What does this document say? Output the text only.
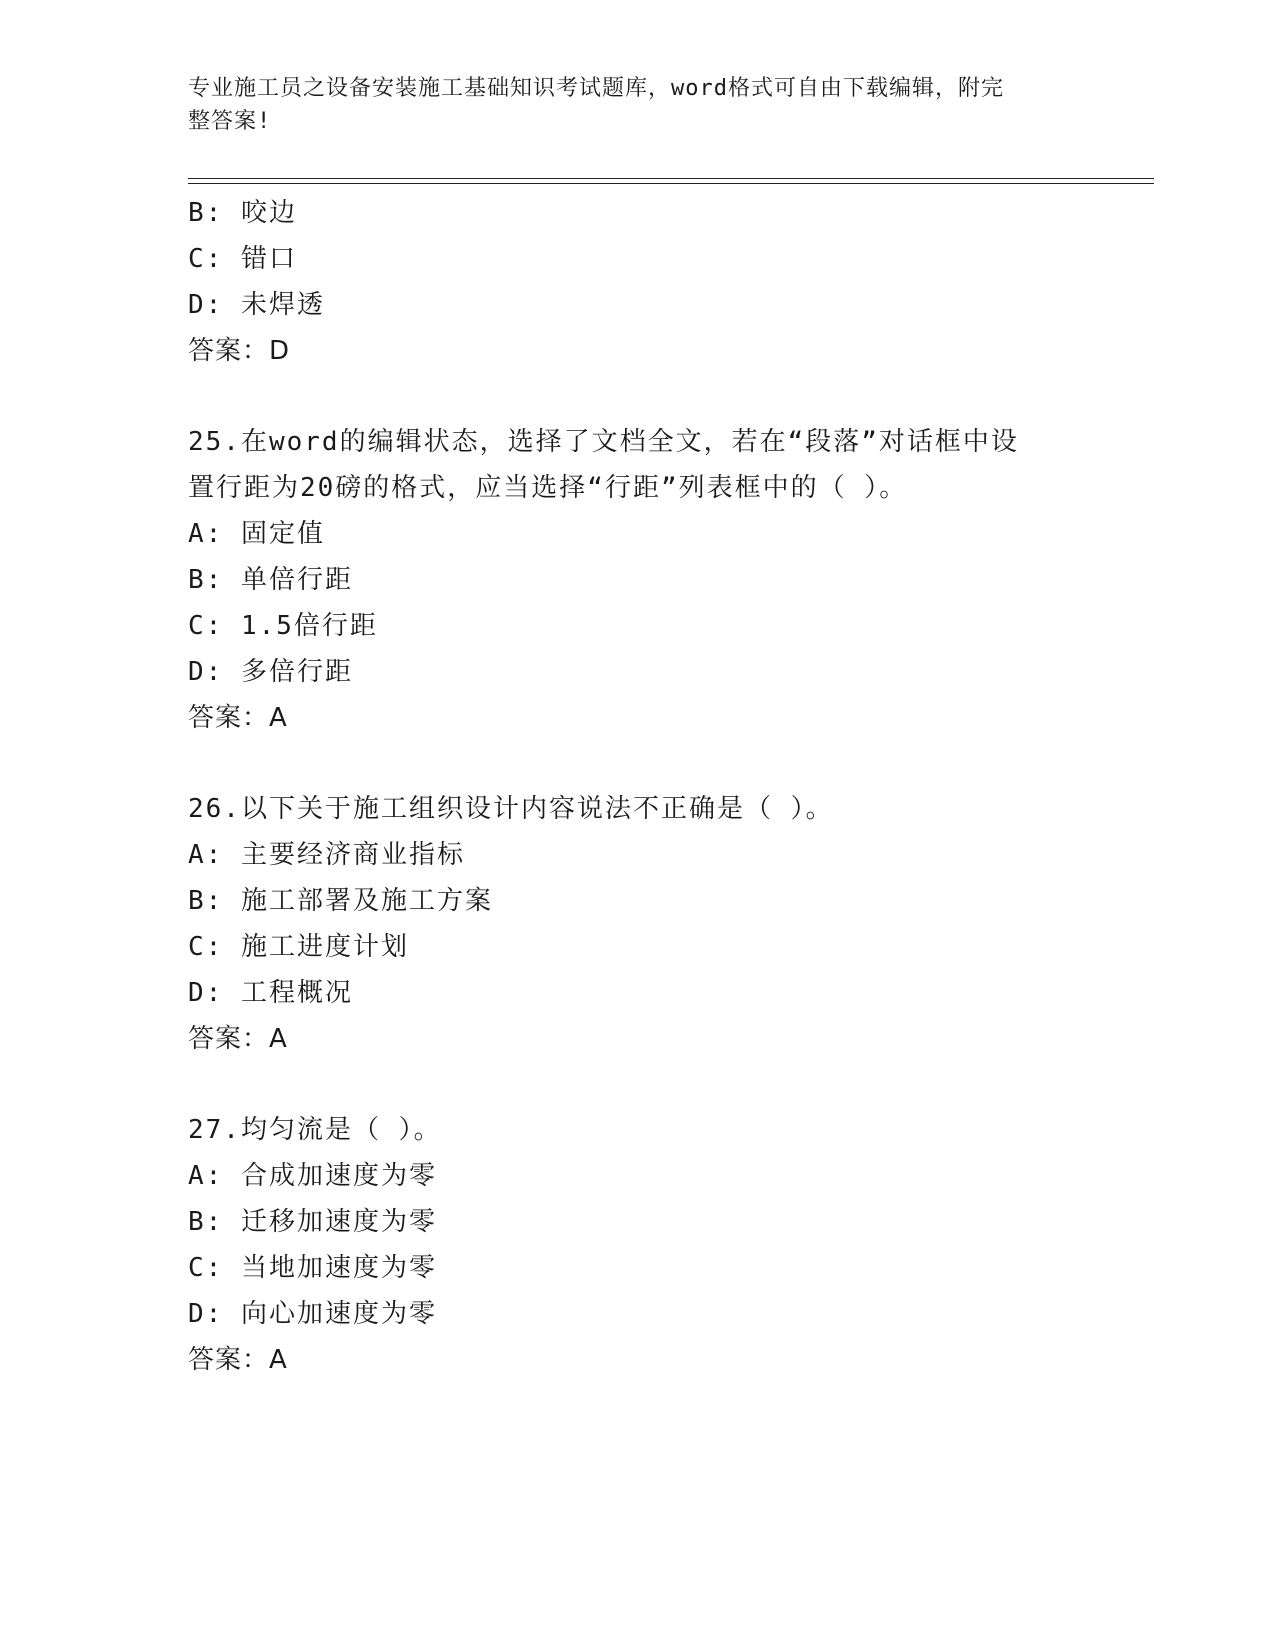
专业施工员之设备安装施工基础知识考试题库，word格式可自由下载编辑，附完
整答案!
B: 咬边
C: 错口
D: 未焊透
答案：D
25.在word的编辑状态，选择了文档全文，若在“段落”对话框中设
置行距为20磅的格式，应当选择“行距”列表框中的（ ）。
A: 固定值
B: 单倍行距
C: 1.5倍行距
D: 多倍行距
答案：A
26.以下关于施工组织设计内容说法不正确是（ ）。
A: 主要经济商业指标
B: 施工部署及施工方案
C: 施工进度计划
D: 工程概况
答案：A
27.均匀流是（ ）。
A: 合成加速度为零
B: 迁移加速度为零
C: 当地加速度为零
D: 向心加速度为零
答案：A
